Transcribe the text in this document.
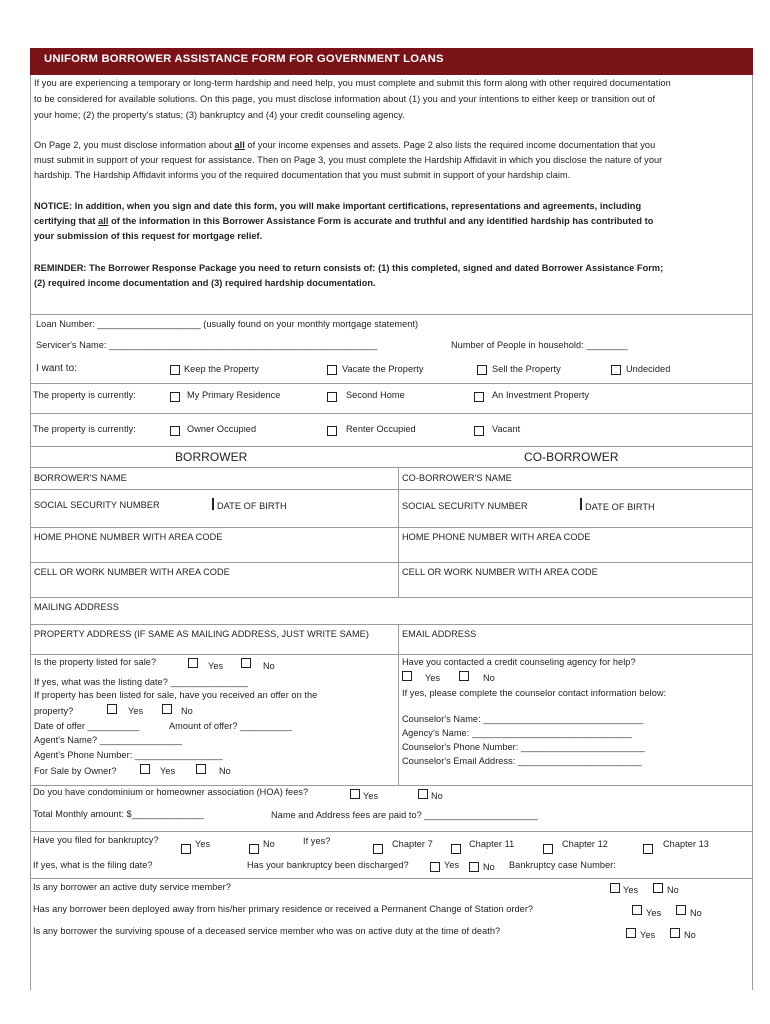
UNIFORM BORROWER ASSISTANCE FORM FOR GOVERNMENT LOANS
If you are experiencing a temporary or long-term hardship and need help, you must complete and submit this form along with other required documentation
to be considered for available solutions. On this page, you must disclose information about (1) you and your intentions to either keep or transition out of
your home; (2) the property's status; (3) bankruptcy and (4) your credit counseling agency.
On Page 2, you must disclose information about all of your income expenses and assets. Page 2 also lists the required income documentation that you
must submit in support of your request for assistance. Then on Page 3, you must complete the Hardship Affidavit in which you disclose the nature of your
hardship. The Hardship Affidavit informs you of the required documentation that you must submit in support of your hardship claim.
NOTICE: In addition, when you sign and date this form, you will make important certifications, representations and agreements, including
certifying that all of the information in this Borrower Assistance Form is accurate and truthful and any identified hardship has contributed to
your submission of this request for mortgage relief.
REMINDER: The Borrower Response Package you need to return consists of: (1) this completed, signed and dated Borrower Assistance Form;
(2) required income documentation and (3) required hardship documentation.
Loan Number: ____________________ (usually found on your monthly mortgage statement)
Servicer's Name: ____________________________________________________	Number of People in household: ________
I want to:	Keep the Property	Vacate the Property	Sell the Property	Undecided
The property is currently:	My Primary Residence	Second Home	An Investment Property
The property is currently:	Owner Occupied	Renter Occupied	Vacant
BORROWER	CO-BORROWER
BORROWER'S NAME	CO-BORROWER'S NAME
SOCIAL SECURITY NUMBER	DATE OF BIRTH	SOCIAL SECURITY NUMBER	DATE OF BIRTH
HOME PHONE NUMBER WITH AREA CODE	HOME PHONE NUMBER WITH AREA CODE
CELL OR WORK NUMBER WITH AREA CODE	CELL OR WORK NUMBER WITH AREA CODE
MAILING ADDRESS
PROPERTY ADDRESS (IF SAME AS MAILING ADDRESS, JUST WRITE SAME)	EMAIL ADDRESS
Is the property listed for sale?	Yes	No
If yes, what was the listing date? _______________
If property has been listed for sale, have you received an offer on the
property?	Yes	No
Date of offer __________	Amount of offer? __________
Agent's Name? ________________
Agent's Phone Number: _________________
For Sale by Owner?	Yes	No
Have you contacted a credit counseling agency for help?
Yes	No
If yes, please complete the counselor contact information below:
Counselor's Name: _______________________________
Agency's Name: _______________________________
Counselor's Phone Number: ________________________
Counselor's Email Address: ________________________
Do you have condominium or homeowner association (HOA) fees?	Yes	No
Total Monthly amount: $______________	Name and Address fees are paid to? ______________________
Have you filed for bankruptcy?	Yes	No	If yes?	Chapter 7	Chapter 11	Chapter 12	Chapter 13
If yes, what is the filing date?	Has your bankruptcy been discharged?	Yes	No Bankruptcy case Number:
Is any borrower an active duty service member?	Yes	No
Has any borrower been deployed away from his/her primary residence or received a Permanent Change of Station order?	Yes	No
Is any borrower the surviving spouse of a deceased service member who was on active duty at the time of death?	Yes	No
